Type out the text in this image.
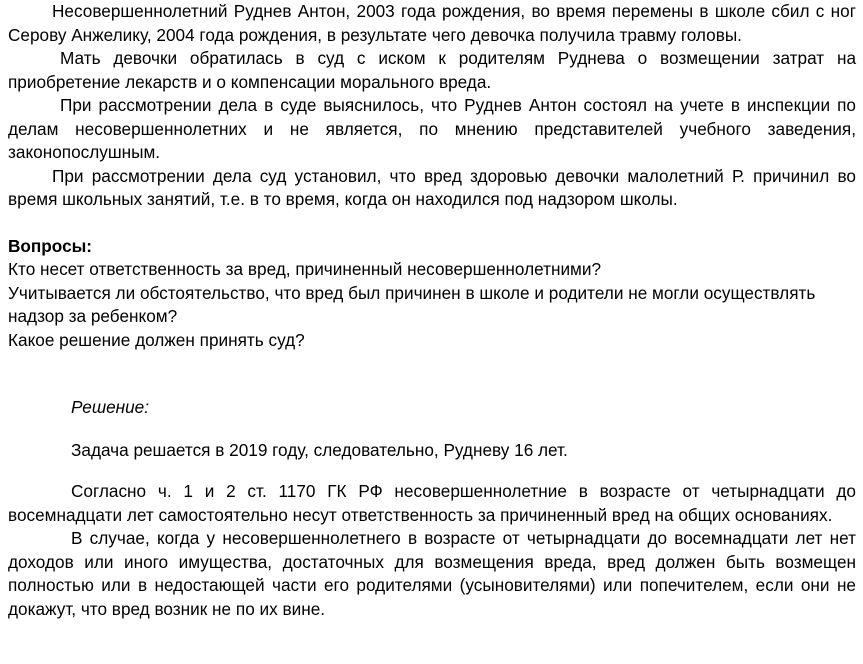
Несовершеннолетний Руднев Антон, 2003 года рождения, во время перемены в школе сбил с ног Серову Анжелику, 2004 года рождения, в результате чего девочка получила травму головы.

Мать девочки обратилась в суд с иском к родителям Руднева о возмещении затрат на приобретение лекарств и о компенсации морального вреда.

При рассмотрении дела в суде выяснилось, что Руднев Антон состоял на учете в инспекции по делам несовершеннолетних и не является, по мнению представителей учебного заведения, законопослушным.

При рассмотрении дела суд установил, что вред здоровью девочки малолетний Р. причинил во время школьных занятий, т.е. в то время, когда он находился под надзором школы.

Вопросы:

Кто несет ответственность за вред, причиненный несовершеннолетними?

Учитывается ли обстоятельство, что вред был причинен в школе и родители не могли осуществлять надзор за ребенком?

Какое решение должен принять суд?

Решение:

Задача решается в 2019 году, следовательно, Рудневу 16 лет.

Согласно ч. 1 и 2 ст. 1170 ГК РФ несовершеннолетние в возрасте от четырнадцати до восемнадцати лет самостоятельно несут ответственность за причиненный вред на общих основаниях.

В случае, когда у несовершеннолетнего в возрасте от четырнадцати до восемнадцати лет нет доходов или иного имущества, достаточных для возмещения вреда, вред должен быть возмещен полностью или в недостающей части его родителями (усыновителями) или попечителем, если они не докажут, что вред возник не по их вине.
